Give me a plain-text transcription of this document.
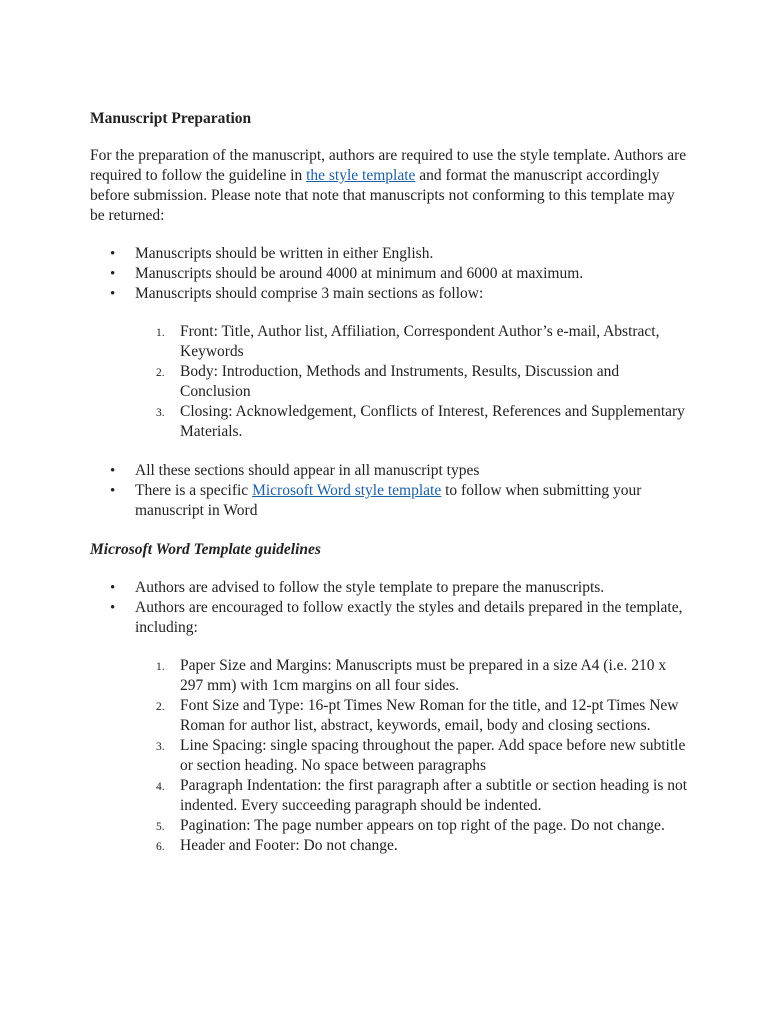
Manuscript Preparation

For the preparation of the manuscript, authors are required to use the style template. Authors are required to follow the guideline in the style template and format the manuscript accordingly before submission. Please note that note that manuscripts not conforming to this template may be returned:

• Manuscripts should be written in either English.
• Manuscripts should be around 4000 at minimum and 6000 at maximum.
• Manuscripts should comprise 3 main sections as follow:
1. Front: Title, Author list, Affiliation, Correspondent Author’s e-mail, Abstract, Keywords
2. Body: Introduction, Methods and Instruments, Results, Discussion and Conclusion
3. Closing: Acknowledgement, Conflicts of Interest, References and Supplementary Materials.
• All these sections should appear in all manuscript types
• There is a specific Microsoft Word style template to follow when submitting your manuscript in Word
Microsoft Word Template guidelines
• Authors are advised to follow the style template to prepare the manuscripts.
• Authors are encouraged to follow exactly the styles and details prepared in the template, including:
1. Paper Size and Margins: Manuscripts must be prepared in a size A4 (i.e. 210 x 297 mm) with 1cm margins on all four sides.
2. Font Size and Type: 16-pt Times New Roman for the title, and 12-pt Times New Roman for author list, abstract, keywords, email, body and closing sections.
3. Line Spacing: single spacing throughout the paper. Add space before new subtitle or section heading. No space between paragraphs
4. Paragraph Indentation: the first paragraph after a subtitle or section heading is not indented. Every succeeding paragraph should be indented.
5. Pagination: The page number appears on top right of the page. Do not change.
6. Header and Footer: Do not change.
